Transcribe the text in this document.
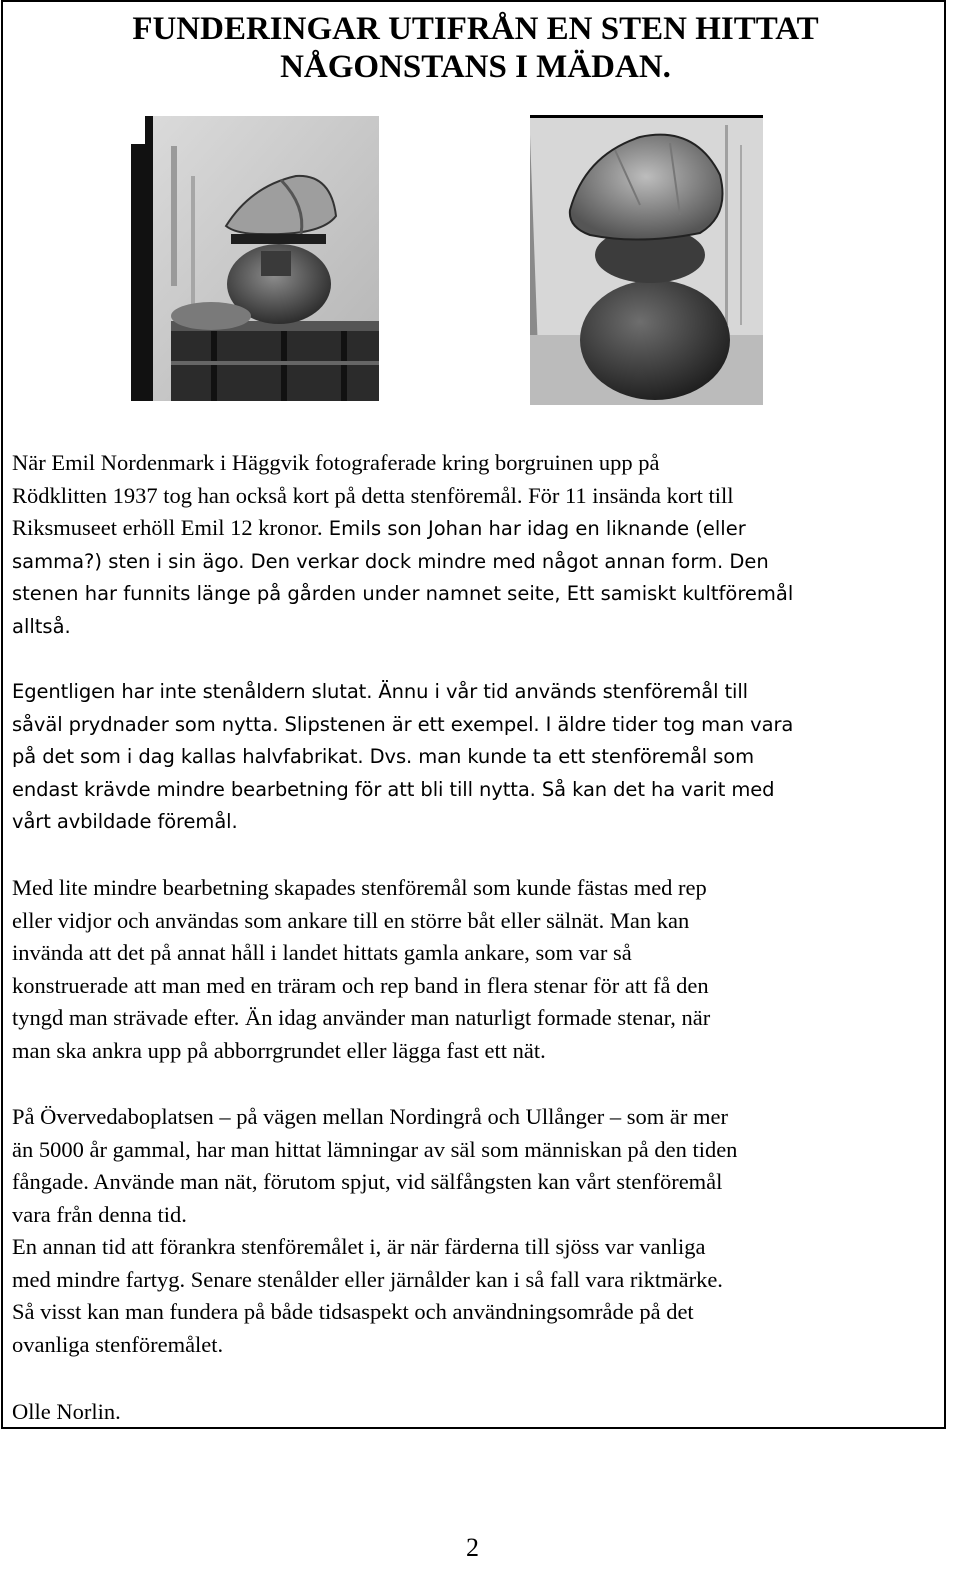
FUNDERINGAR UTIFRÅN EN STEN HITTAT
NÅGONSTANS I MÄDAN.

När Emil Nordenmark i Häggvik fotograferade kring borgruinen upp på
Rödklitten 1937 tog han också kort på detta stenföremål. För 11 insända kort till
Riksmuseet erhöll Emil 12 kronor. Emils son Johan har idag en liknande (eller
samma?) sten i sin ägo. Den verkar dock mindre med något annan form. Den
stenen har funnits länge på gården under namnet seite, Ett samiskt kultföremål
alltså.

Egentligen har inte stenåldern slutat. Ännu i vår tid används stenföremål till
såväl prydnader som nytta. Slipstenen är ett exempel. I äldre tider tog man vara
på det som i dag kallas halvfabrikat. Dvs. man kunde ta ett stenföremål som
endast krävde mindre bearbetning för att bli till nytta. Så kan det ha varit med
vårt avbildade föremål.

Med lite mindre bearbetning skapades stenföremål som kunde fästas med rep
eller vidjor och användas som ankare till en större båt eller sälnät. Man kan
invända att det på annat håll i landet hittats gamla ankare, som var så
konstruerade att man med en träram och rep band in flera stenar för att få den
tyngd man strävade efter. Än idag använder man naturligt formade stenar, när
man ska ankra upp på abborrgrundet eller lägga fast ett nät.

På Övervedaboplatsen – på vägen mellan Nordingrå och Ullånger – som är mer
än 5000 år gammal, har man hittat lämningar av säl som människan på den tiden
fångade. Använde man nät, förutom spjut, vid sälfångsten kan vårt stenföremål
vara från denna tid.
En annan tid att förankra stenföremålet i, är när färderna till sjöss var vanliga
med mindre fartyg. Senare stenålder eller järnålder kan i så fall vara riktmärke.
Så visst kan man fundera på både tidsaspekt och användningsområde på det
ovanliga stenföremålet.

Olle Norlin.

2
